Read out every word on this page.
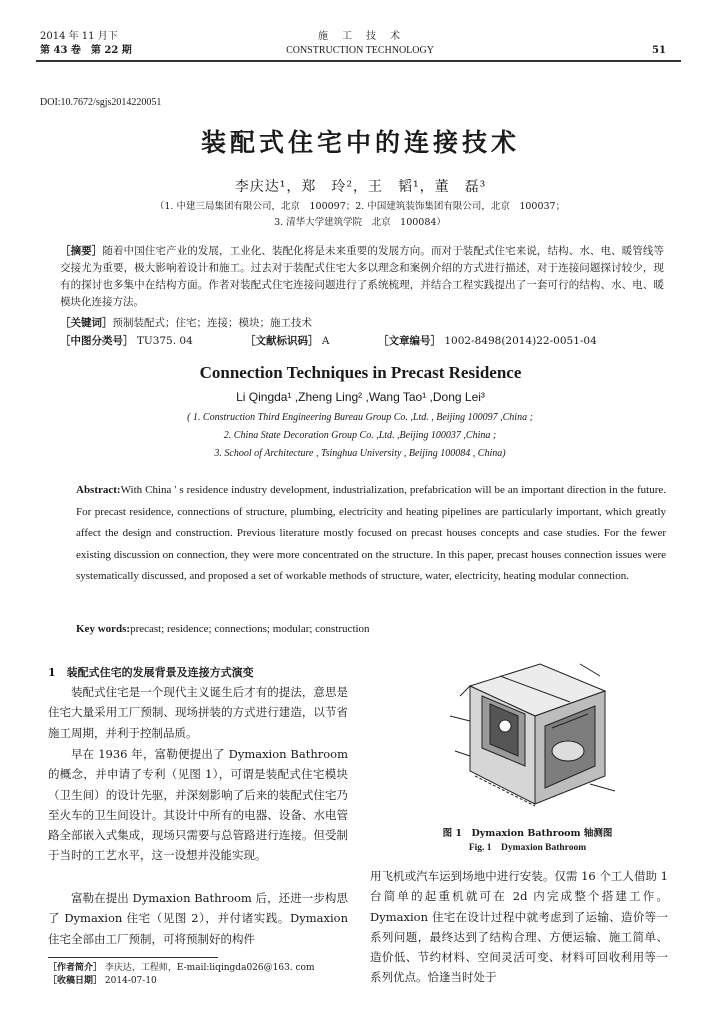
2014 年 11 月下
第 43 卷　第 22 期
施　工　技　术
CONSTRUCTION TECHNOLOGY	51
DOI:10.7672/sgjs2014220051
装配式住宅中的连接技术
李庆达¹，郑　玲²，王　韬¹，董　磊³
（1. 中建三局集团有限公司，北京　100097；2. 中国建筑装饰集团有限公司，北京　100037；
3. 清华大学建筑学院　北京　100084）
［摘要］随着中国住宅产业的发展，工业化、装配化将是未来重要的发展方向。而对于装配式住宅来说，结构、水、电、暖管线等交接尤为重要，极大影响着设计和施工。过去对于装配式住宅大多以理念和案例介绍的方式进行描述，对于连接问题探讨较少，现有的探讨也多集中在结构方面。作者对装配式住宅连接问题进行了系统梳理，并结合工程实践提出了一套可行的结构、水、电、暖模块化连接方法。
［关键词］预制装配式；住宅；连接；模块；施工技术
［中图分类号］ TU375. 04	［文献标识码］ A	［文章编号］ 1002-8498(2014)22-0051-04
Connection Techniques in Precast Residence
Li Qingda¹ ,Zheng Ling² ,Wang Tao¹ ,Dong Lei³
( 1. Construction Third Engineering Bureau Group Co. ,Ltd. , Beijing 100097 ,China ;
2. China State Decoration Group Co. ,Ltd. ,Beijing 100037 ,China ;
3. School of Architecture , Tsinghua University , Beijing 100084 , China)
Abstract:With China ' s residence industry development, industrialization, prefabrication will be an important direction in the future. For precast residence, connections of structure, plumbing, electricity and heating pipelines are particularly important, which greatly affect the design and construction. Previous literature mostly focused on precast houses concepts and case studies. For the fewer existing discussion on connection, they were more concentrated on the structure. In this paper, precast houses connection issues were systematically discussed, and proposed a set of workable methods of structure, water, electricity, heating modular connection.
Key words:precast; residence; connections; modular; construction
1　装配式住宅的发展背景及连接方式演变
装配式住宅是一个现代主义诞生后才有的提法，意思是住宅大量采用工厂预制、现场拼装的方式进行建造，以节省施工周期，并利于控制品质。
早在 1936 年，富勒便提出了 Dymaxion Bathroom 的概念，并申请了专利（见图 1），可谓是装配式住宅模块（卫生间）的设计先驱，并深刻影响了后来的装配式住宅乃至火车的卫生间设计。其设计中所有的电器、设备、水电管路全部嵌入式集成，现场只需要与总管路进行连接。但受制于当时的工艺水平，这一设想并没能实现。
富勒在提出 Dymaxion Bathroom 后，还进一步构思了 Dymaxion 住宅（见图 2），并付诸实践。Dymaxion 住宅全部由工厂预制，可将预制好的构件
图 1　Dymaxion Bathroom 轴测图
Fig. 1　Dymaxion Bathroom
用飞机或汽车运到场地中进行安装。仅需 16 个工人借助 1 台简单的起重机就可在 2d 内完成整个搭建工作。Dymaxion 住宅在设计过程中就考虑到了运输、造价等一系列问题，最终达到了结构合理、方便运输、施工简单、造价低、节约材料、空间灵活可变、材料可回收利用等一系列优点。恰逢当时处于
［作者简介］ 李庆达，工程师，E-mail:liqingda026@163. com
［收稿日期］ 2014-07-10
